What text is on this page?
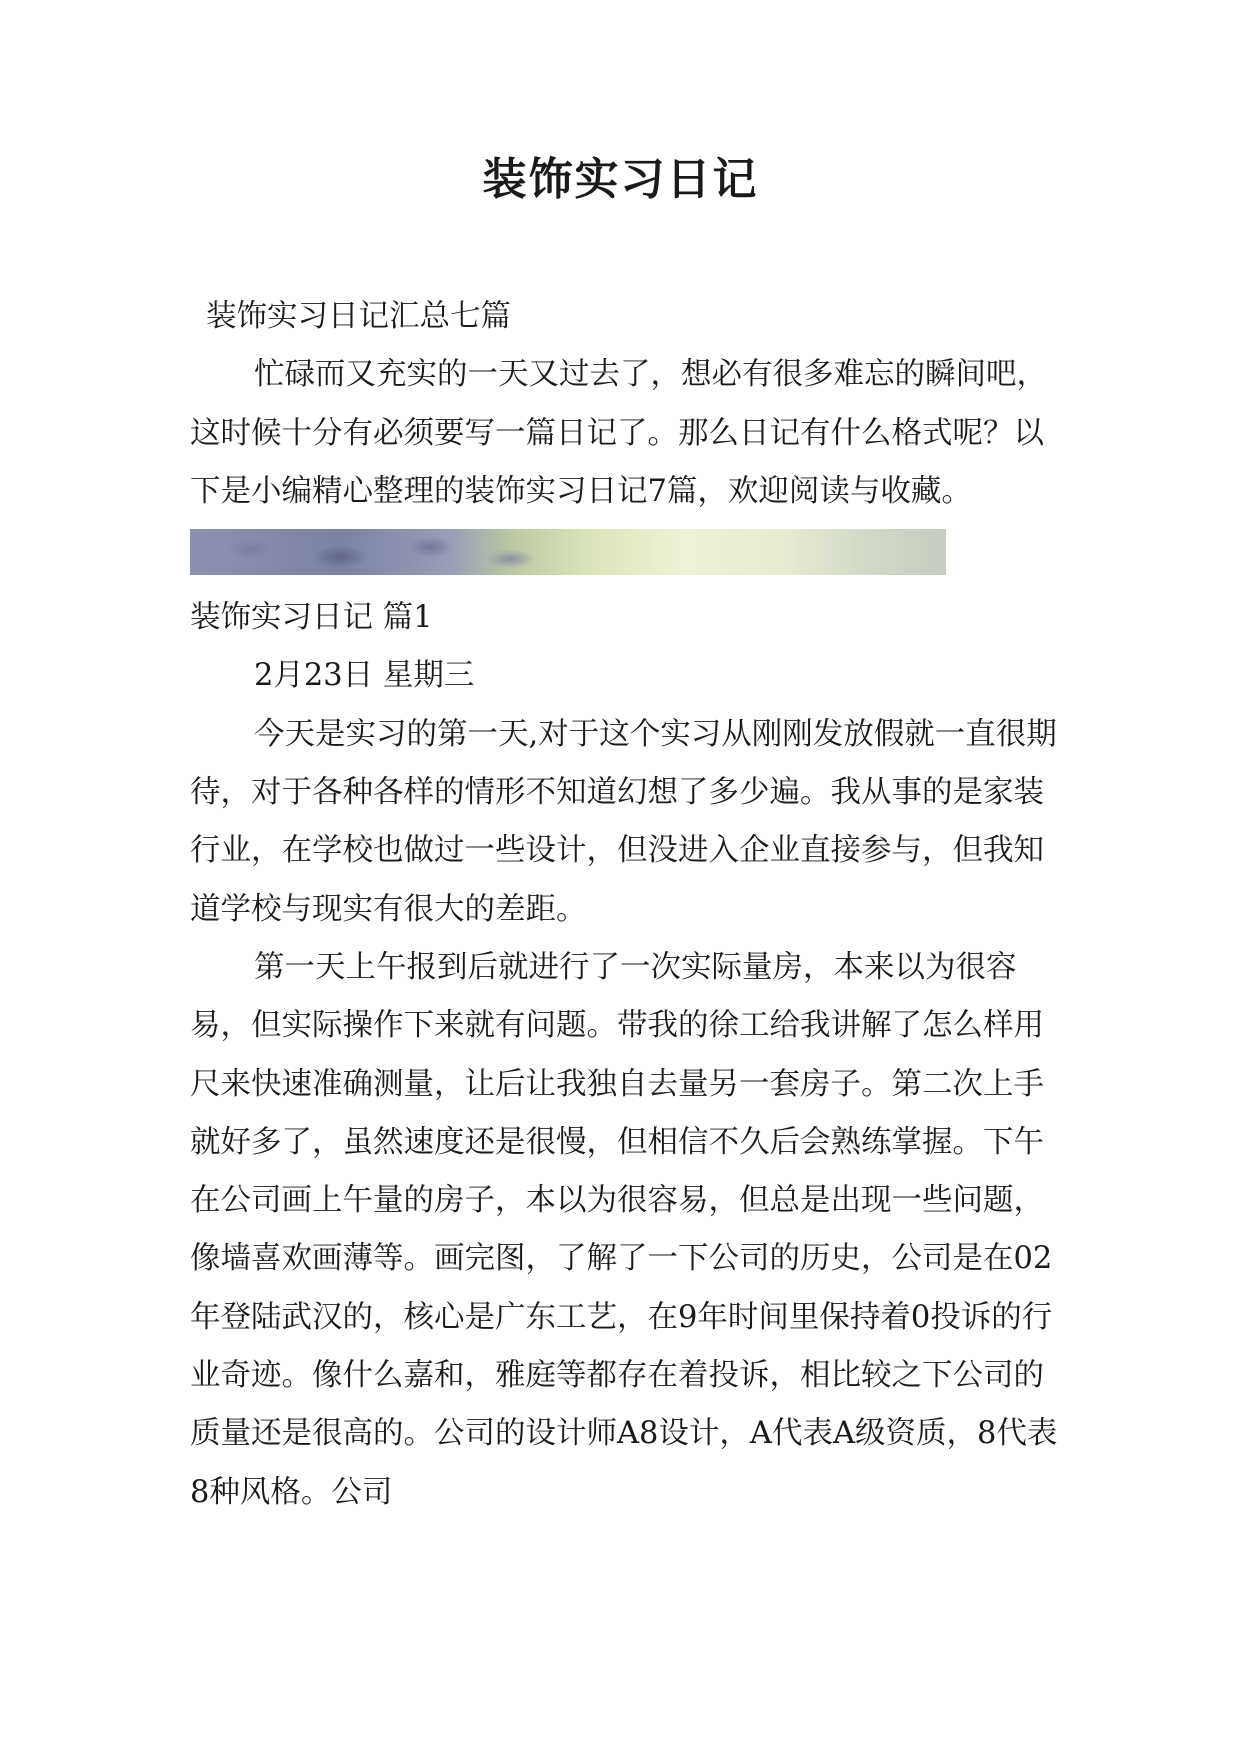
装饰实习日记

装饰实习日记汇总七篇

忙碌而又充实的一天又过去了，想必有很多难忘的瞬间吧，这时候十分有必须要写一篇日记了。那么日记有什么格式呢？以下是小编精心整理的装饰实习日记7篇，欢迎阅读与收藏。

装饰实习日记 篇1

2月23日 星期三

今天是实习的第一天,对于这个实习从刚刚发放假就一直很期待，对于各种各样的情形不知道幻想了多少遍。我从事的是家装行业，在学校也做过一些设计，但没进入企业直接参与，但我知道学校与现实有很大的差距。

第一天上午报到后就进行了一次实际量房，本来以为很容易，但实际操作下来就有问题。带我的徐工给我讲解了怎么样用尺来快速准确测量，让后让我独自去量另一套房子。第二次上手就好多了，虽然速度还是很慢，但相信不久后会熟练掌握。下午在公司画上午量的房子，本以为很容易，但总是出现一些问题，像墙喜欢画薄等。画完图，了解了一下公司的历史，公司是在02年登陆武汉的，核心是广东工艺，在9年时间里保持着0投诉的行业奇迹。像什么嘉和，雅庭等都存在着投诉，相比较之下公司的质量还是很高的。公司的设计师A8设计，A代表A级资质，8代表8种风格。公司
